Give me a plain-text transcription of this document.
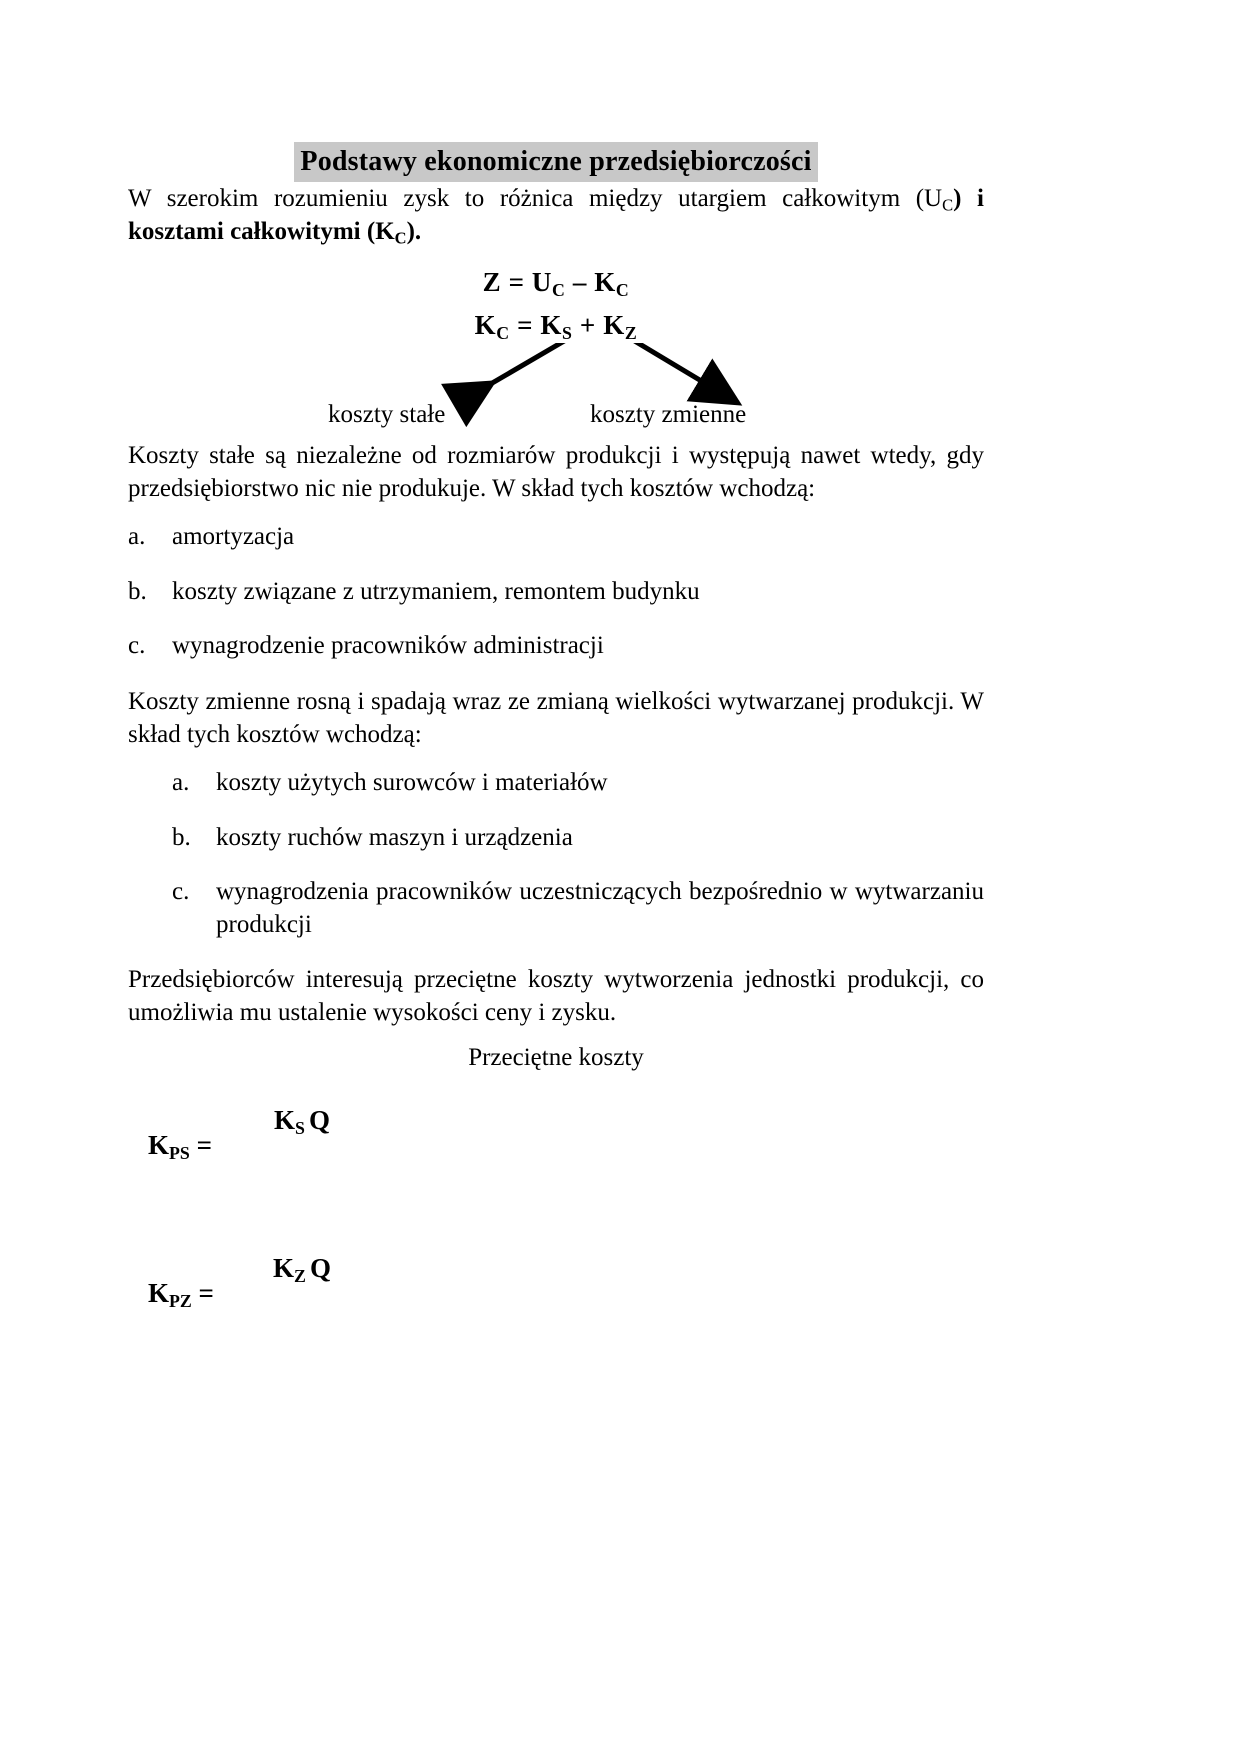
Podstawy ekonomiczne przedsiębiorczości

W szerokim rozumieniu zysk to różnica między utargiem całkowitym $(U_C)$ i kosztami całkowitymi $(K_C)$.

$Z = U_C - K_C$
$K_C = K_S + K_Z$
koszty stałe	koszty zmienne

Koszty stałe są niezależne od rozmiarów produkcji i występują nawet wtedy, gdy przedsiębiorstwo nic nie produkuje. W skład tych kosztów wchodzą:

a.	amortyzacja
b.	koszty związane z utrzymaniem, remontem budynku
c.	wynagrodzenie pracowników administracji

Koszty zmienne rosną i spadają wraz ze zmianą wielkości wytwarzanej produkcji. W skład tych kosztów wchodzą:

a.	koszty użytych surowców i materiałów
b.	koszty ruchów maszyn i urządzenia
c.	wynagrodzenia pracowników uczestniczących bezpośrednio w wytwarzaniu produkcji

Przedsiębiorców interesują przeciętne koszty wytworzenia jednostki produkcji, co umożliwia mu ustalenie wysokości ceny i zysku.

Przeciętne koszty
$K_{PS}$ =
$K_S$ Q
$K_{PZ}$ =
$K_Z$ Q
